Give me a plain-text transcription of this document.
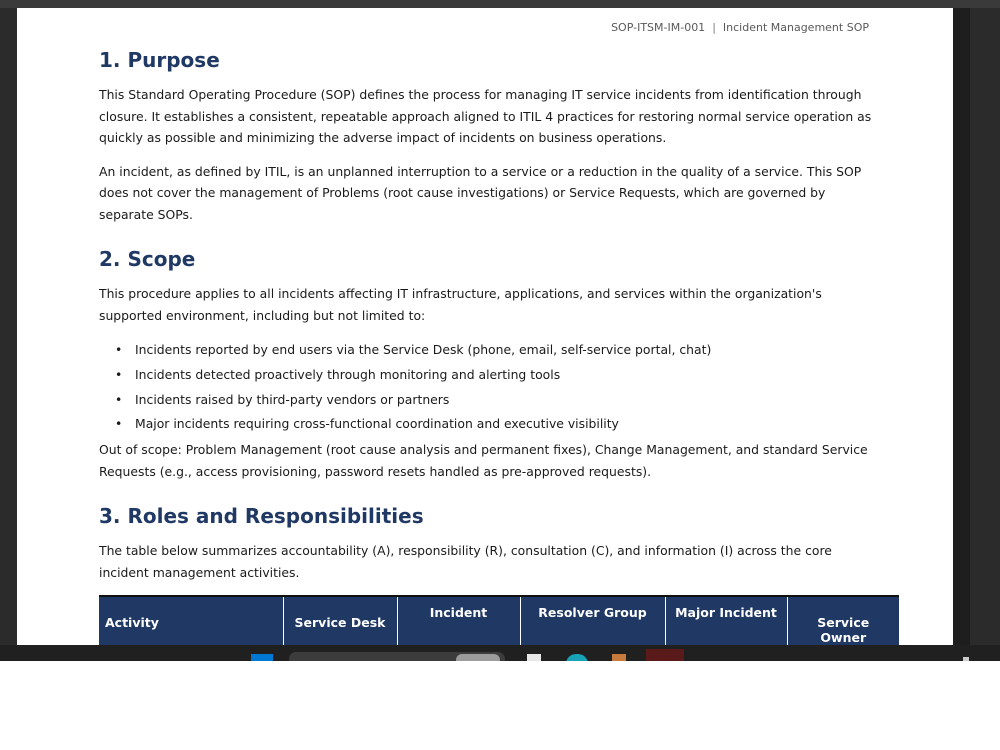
SOP-ITSM-IM-001 | Incident Management SOP
1. Purpose

This Standard Operating Procedure (SOP) defines the process for managing IT service incidents from identification through closure. It establishes a consistent, repeatable approach aligned to ITIL 4 practices for restoring normal service operation as quickly as possible and minimizing the adverse impact of incidents on business operations.

An incident, as defined by ITIL, is an unplanned interruption to a service or a reduction in the quality of a service. This SOP does not cover the management of Problems (root cause investigations) or Service Requests, which are governed by separate SOPs.

2. Scope

This procedure applies to all incidents affecting IT infrastructure, applications, and services within the organization's supported environment, including but not limited to:

• Incidents reported by end users via the Service Desk (phone, email, self-service portal, chat)
• Incidents detected proactively through monitoring and alerting tools
• Incidents raised by third-party vendors or partners
• Major incidents requiring cross-functional coordination and executive visibility

Out of scope: Problem Management (root cause analysis and permanent fixes), Change Management, and standard Service Requests (e.g., access provisioning, password resets handled as pre-approved requests).

3. Roles and Responsibilities

The table below summarizes accountability (A), responsibility (R), consultation (C), and information (I) across the core incident management activities.

Activity	Service Desk	Incident	Resolver Group	Major Incident	Service Owner
